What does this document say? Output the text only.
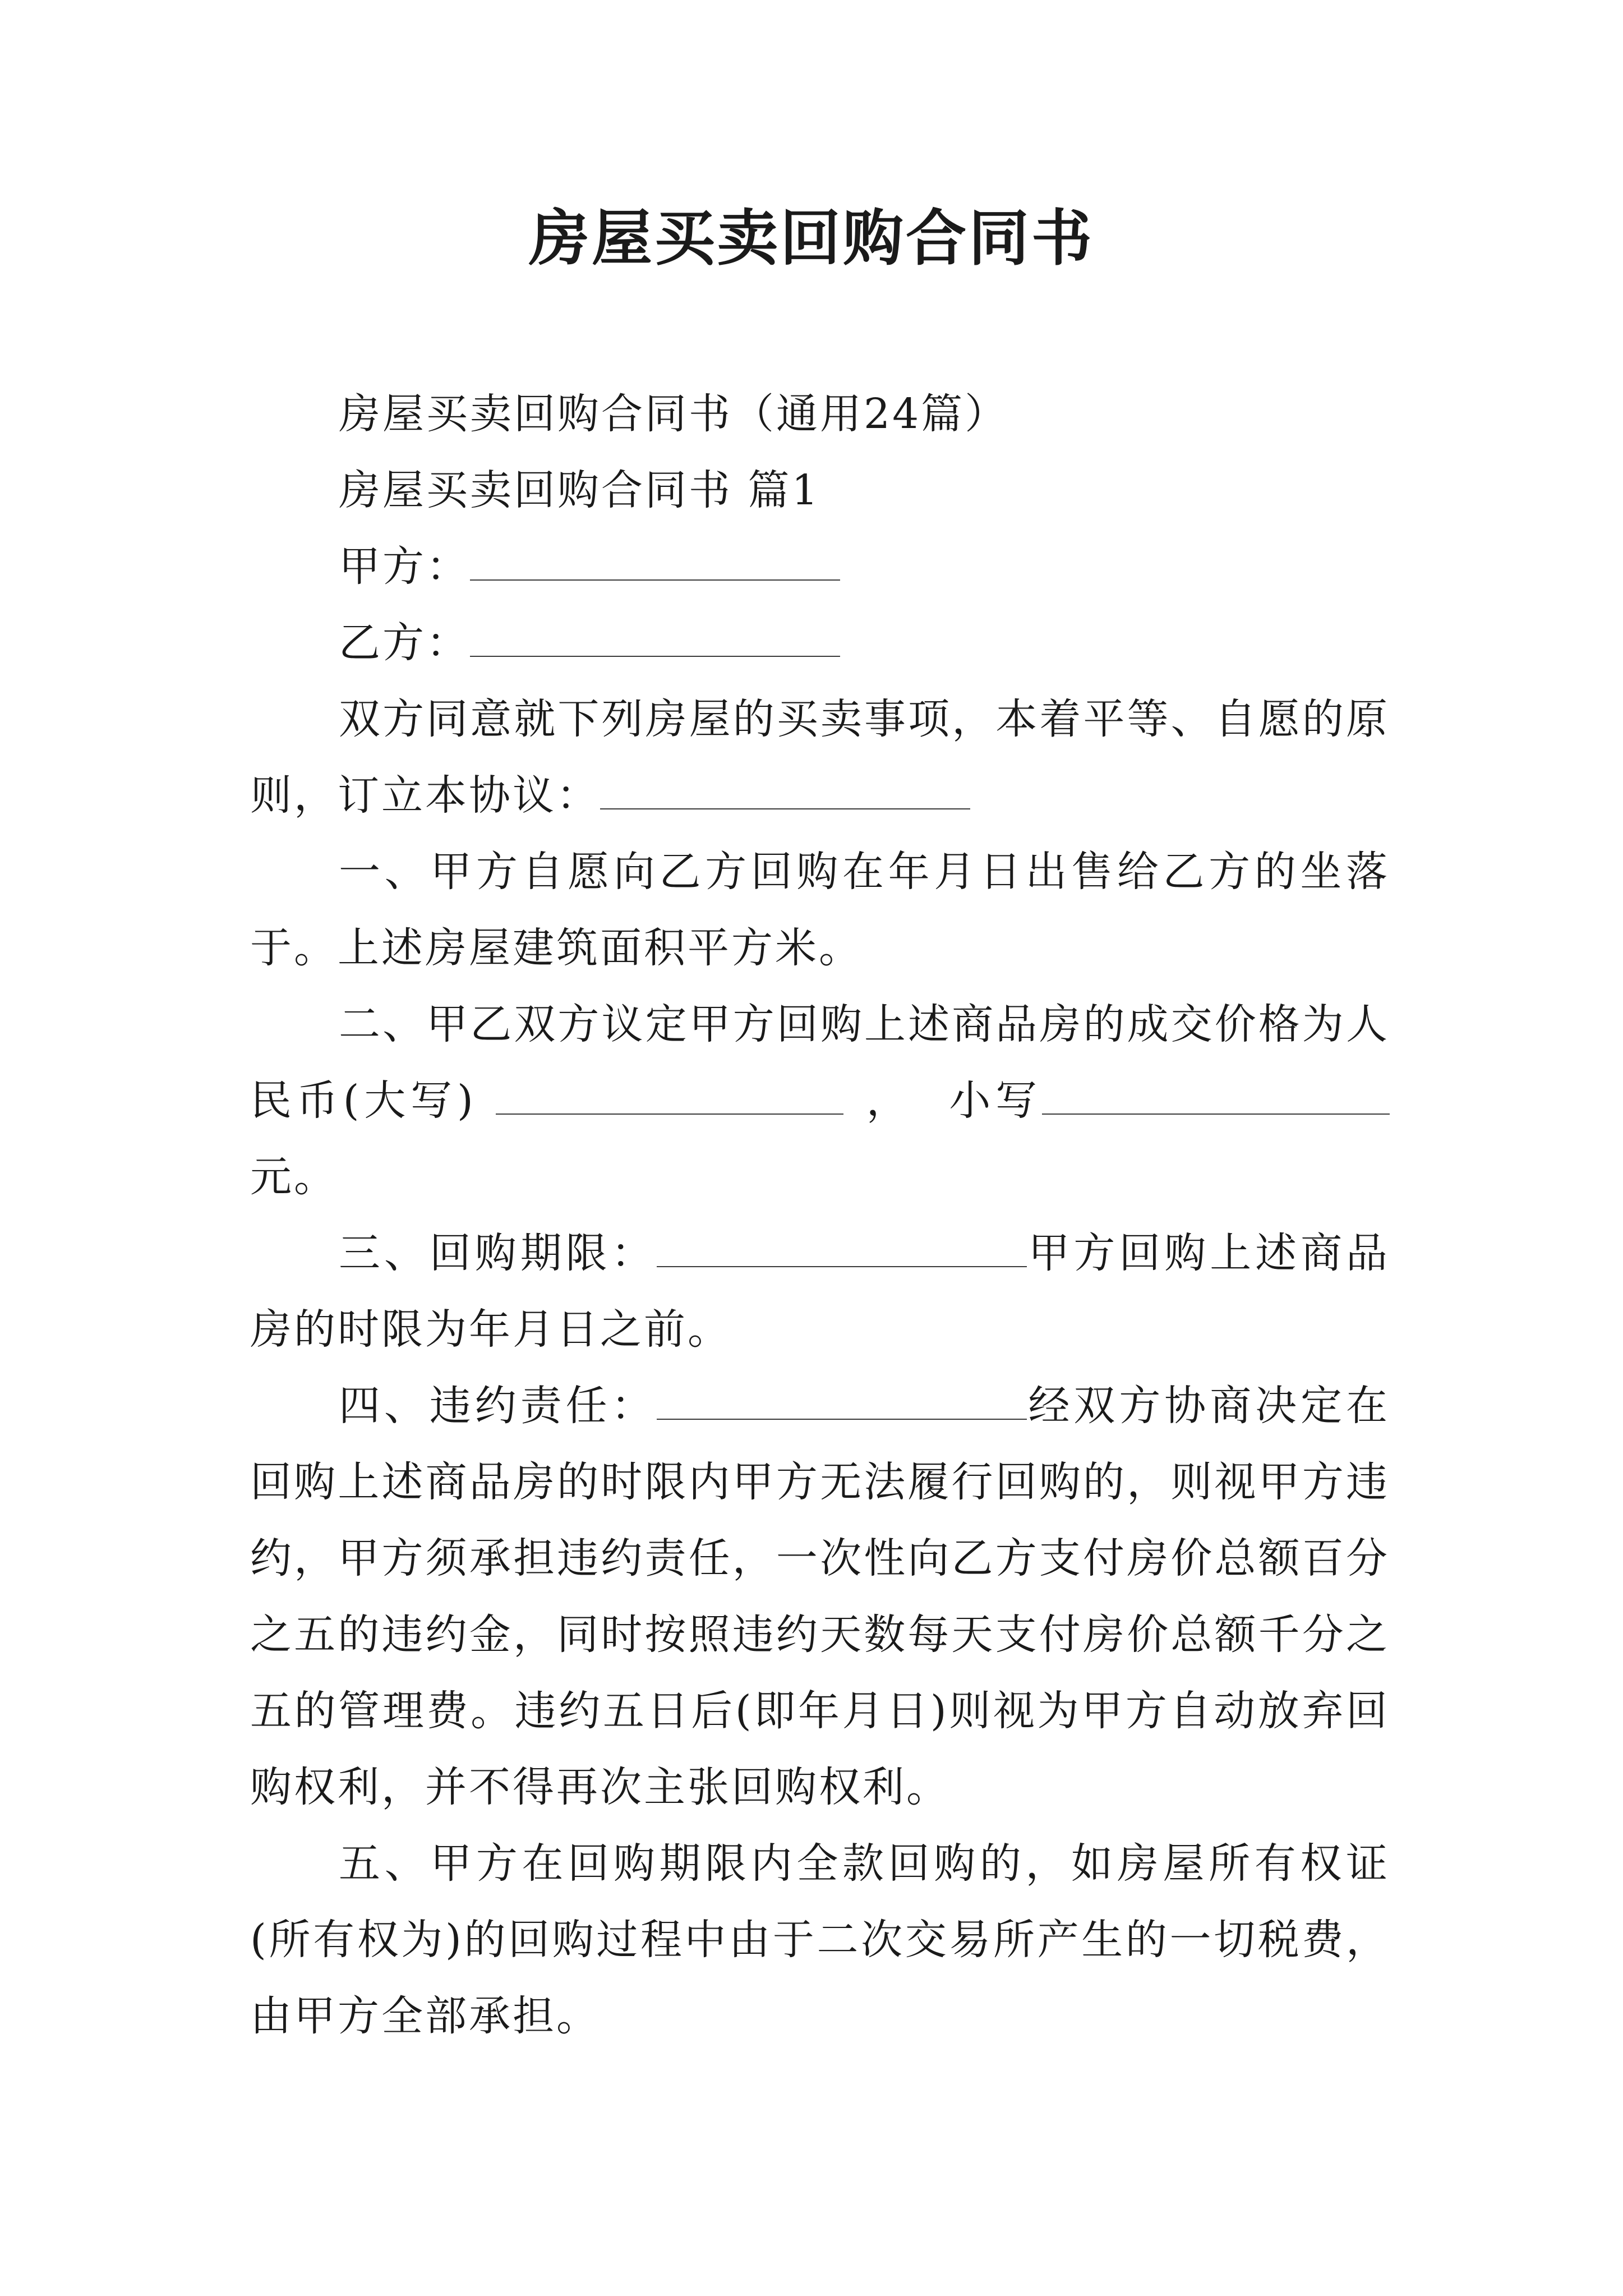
房屋买卖回购合同书

房屋买卖回购合同书（通用24篇）

房屋买卖回购合同书 篇1

甲方：

乙方：

双方同意就下列房屋的买卖事项，本着平等、自愿的原则，订立本协议：

一、甲方自愿向乙方回购在年月日出售给乙方的坐落于。上述房屋建筑面积平方米。

二、甲乙双方议定甲方回购上述商品房的成交价格为人民币(大写)	， 小写元。

三、回购期限：	甲方回购上述商品房的时限为年月日之前。

四、违约责任：	经双方协商决定在回购上述商品房的时限内甲方无法履行回购的，则视甲方违约，甲方须承担违约责任，一次性向乙方支付房价总额百分之五的违约金，同时按照违约天数每天支付房价总额千分之五的管理费。违约五日后(即年月日)则视为甲方自动放弃回购权利，并不得再次主张回购权利。

五、甲方在回购期限内全款回购的，如房屋所有权证(所有权为)的回购过程中由于二次交易所产生的一切税费，由甲方全部承担。
